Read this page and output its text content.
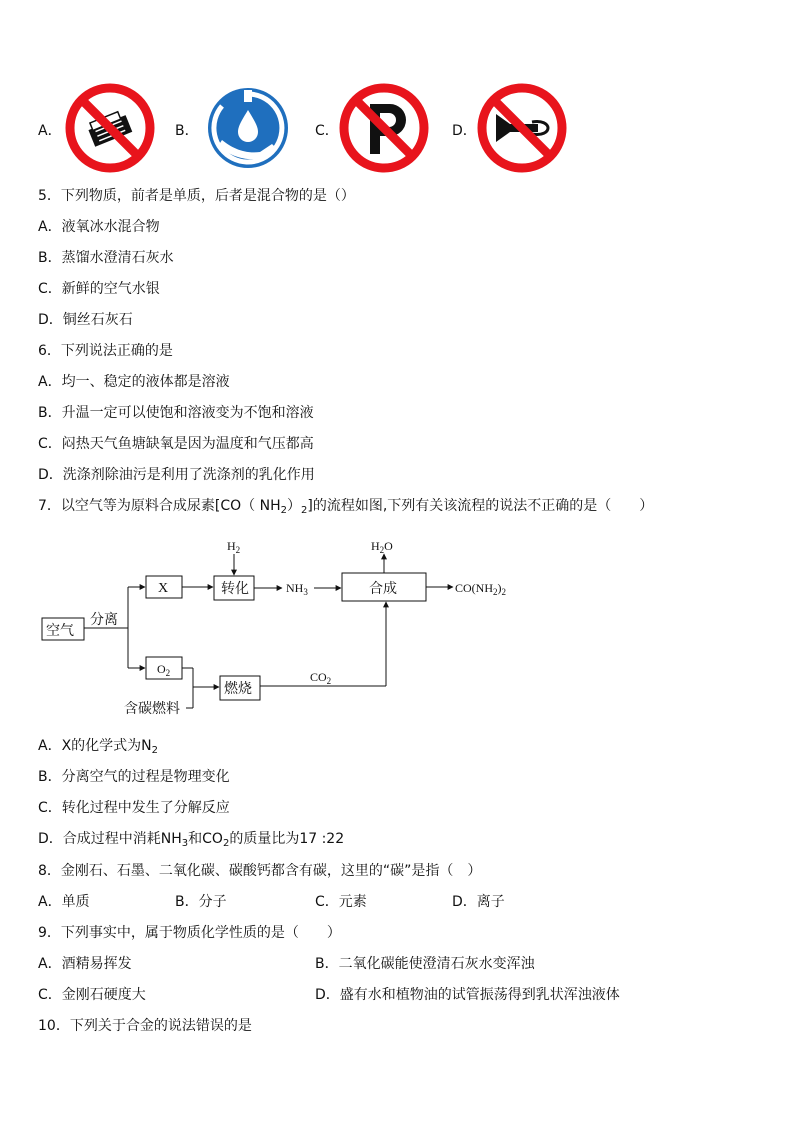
A．	B．	C．	D．
5．下列物质，前者是单质，后者是混合物的是（）
A．液氧冰水混合物
B．蒸馏水澄清石灰水
C．新鲜的空气水银
D．铜丝石灰石
6．下列说法正确的是
A．均一、稳定的液体都是溶液
B．升温一定可以使饱和溶液变为不饱和溶液
C．闷热天气鱼塘缺氧是因为温度和气压都高
D．洗涤剂除油污是利用了洗涤剂的乳化作用
7．以空气等为原料合成尿素[CO（ $NH_2)_2$]的流程如图,下列有关该流程的说法不正确的是（　　）
空气
分离
X	转化
$H_2$
$NH_3$	合成
$H_2O$
$CO(NH_2)_2$
$O_2$
燃烧
含碳燃料
$CO_2$
A．X的化学式为$N_2$
B．分离空气的过程是物理变化
C．转化过程中发生了分解反应
D．合成过程中消耗$NH_3$和$CO_2$的质量比为17 :22
8．金刚石、石墨、二氧化碳、碳酸钙都含有碳，这里的“碳”是指（　）
A．单质	B．分子	C．元素	D．离子
9．下列事实中，属于物质化学性质的是（　　）
A．酒精易挥发	B．二氧化碳能使澄清石灰水变浑浊
C．金刚石硬度大	D．盛有水和植物油的试管振荡得到乳状浑浊液体
10．下列关于合金的说法错误的是
